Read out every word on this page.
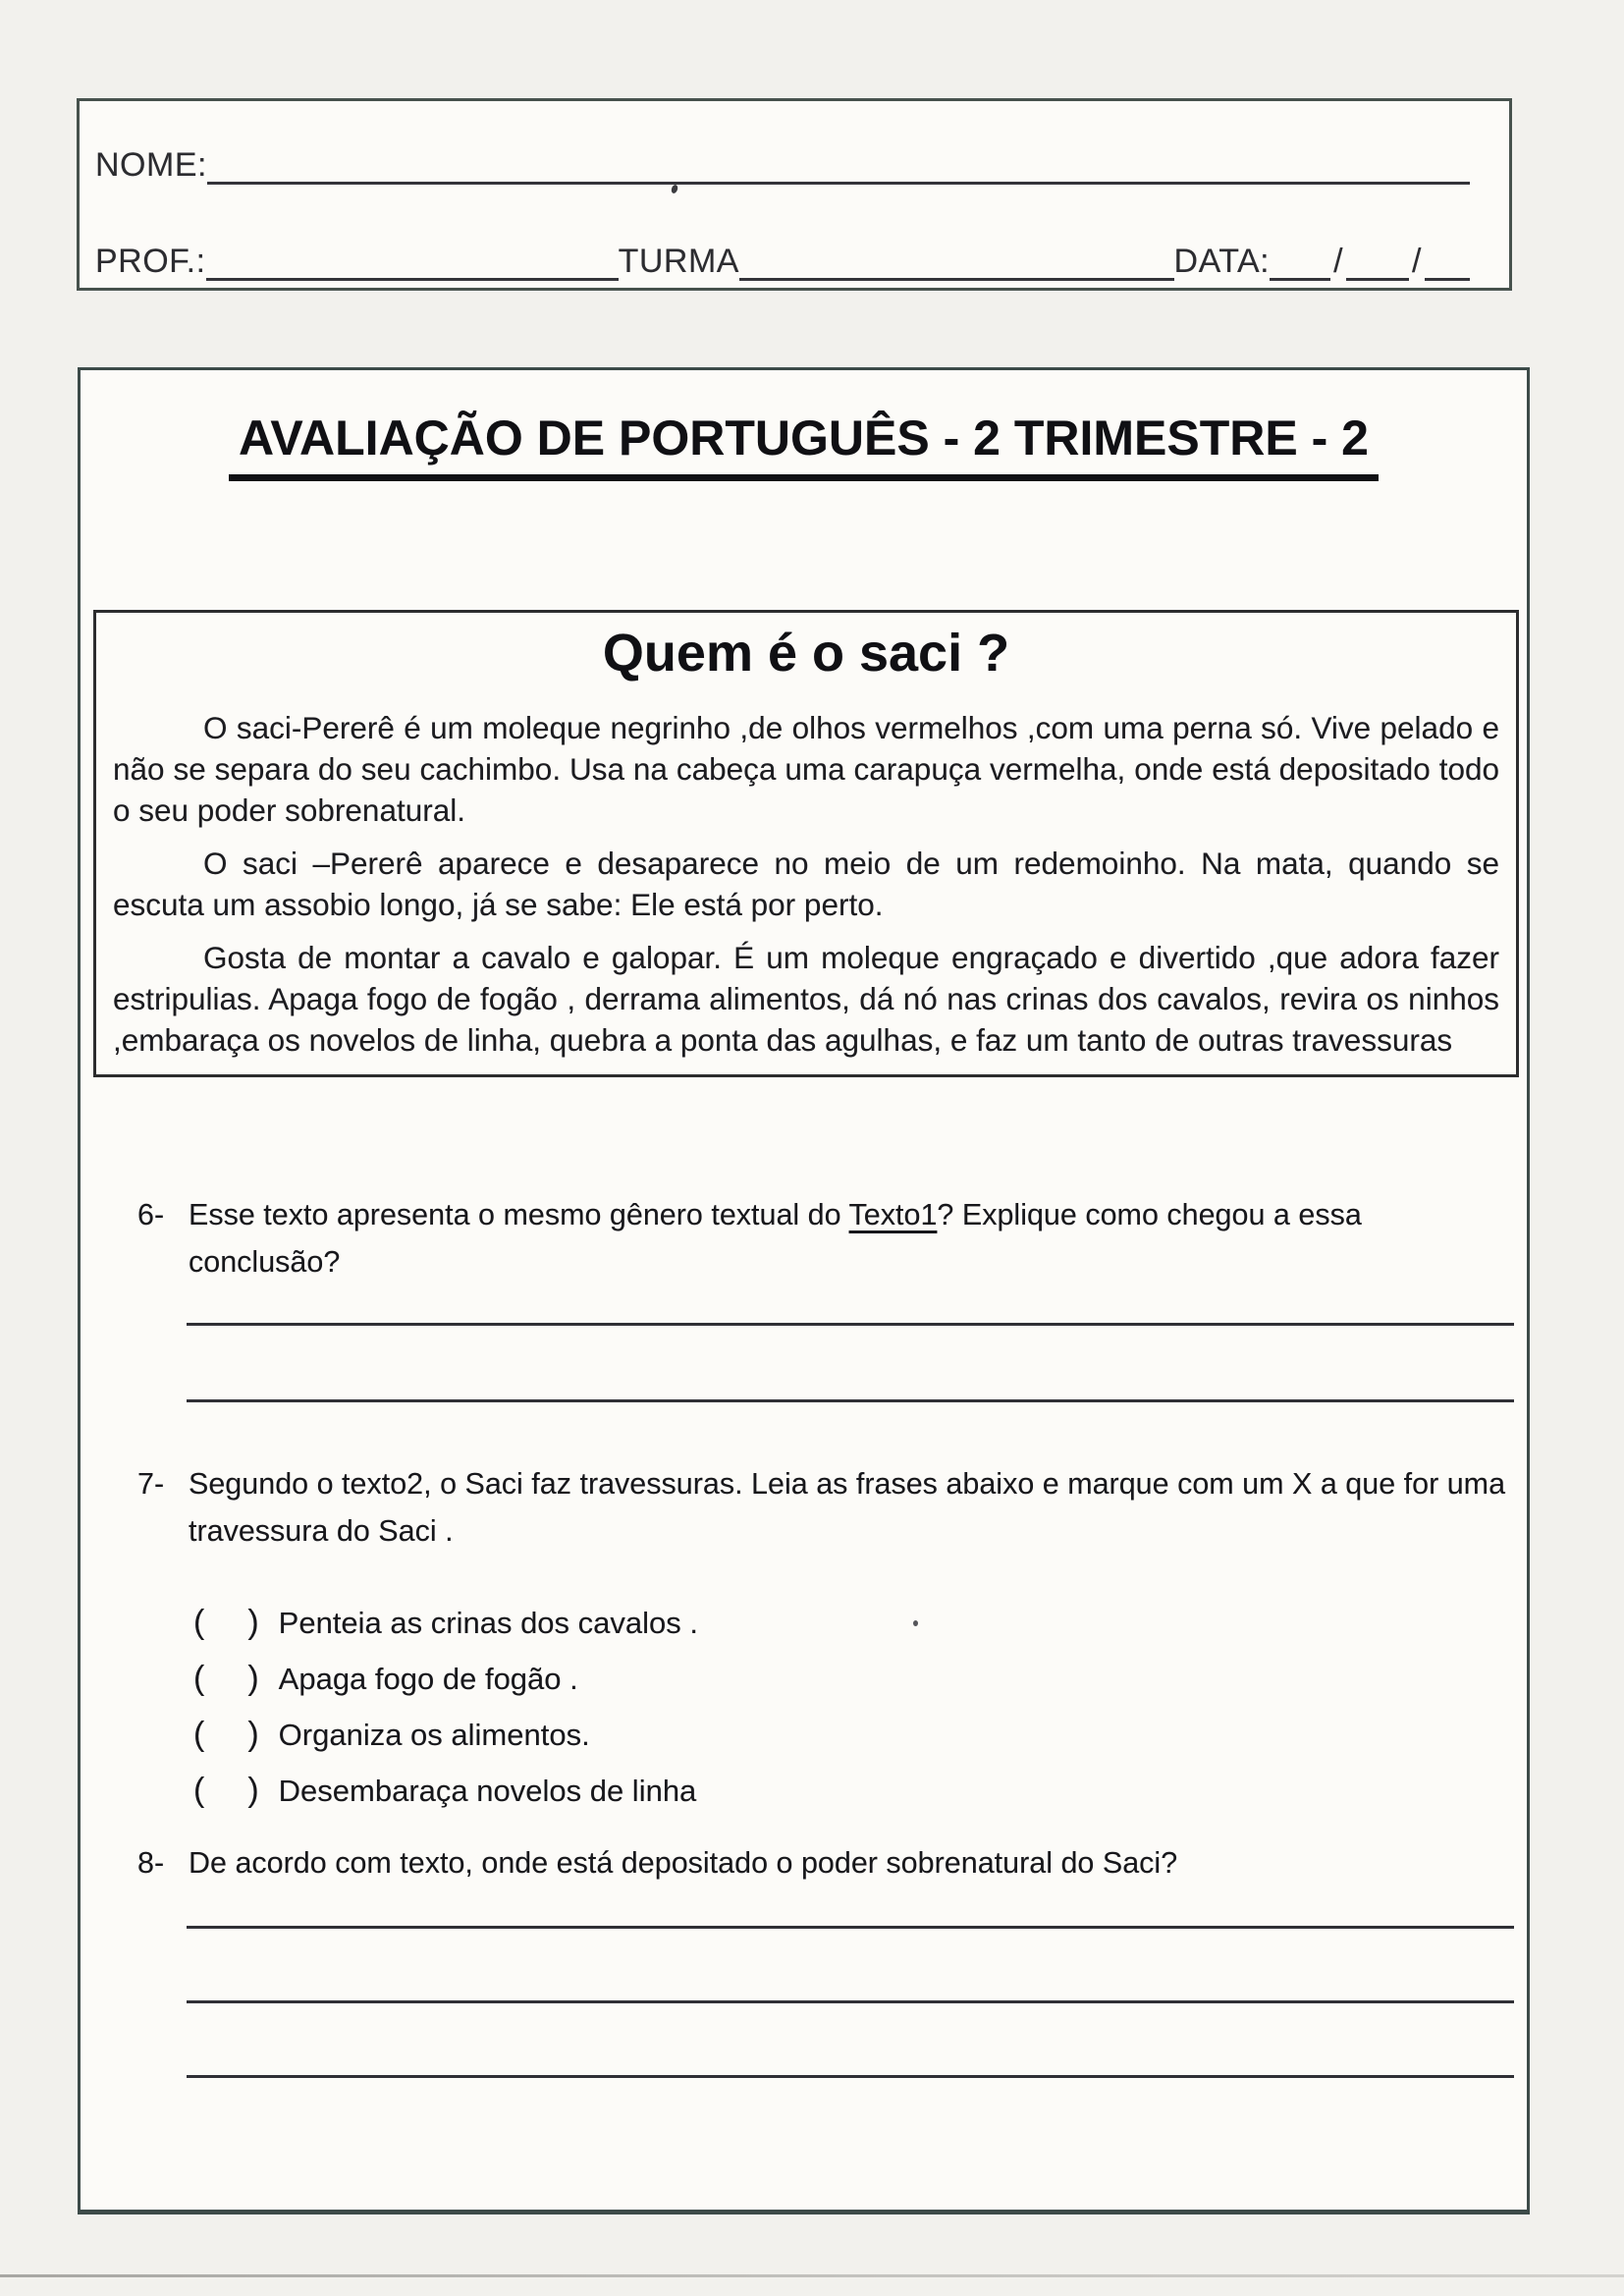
NOME:
PROF.:	TURMA	DATA: / /
AVALIAÇÃO DE PORTUGUÊS - 2 TRIMESTRE - 2
Quem é o saci ?

O saci-Pererê é um moleque negrinho ,de olhos vermelhos ,com uma perna só. Vive pelado e não se separa do seu cachimbo. Usa na cabeça uma carapuça vermelha, onde está depositado todo o seu poder sobrenatural.

O saci –Pererê aparece e desaparece no meio de um redemoinho. Na mata, quando se escuta um assobio longo, já se sabe: Ele está por perto.

Gosta de montar a cavalo e galopar. É um moleque engraçado e divertido ,que adora fazer estripulias. Apaga fogo de fogão , derrama alimentos, dá nó nas crinas dos cavalos, revira os ninhos ,embaraça os novelos de linha, quebra a ponta das agulhas, e faz um tanto de outras travessuras

6- Esse texto apresenta o mesmo gênero textual do Texto1? Explique como chegou a essa conclusão?
7- Segundo o texto2, o Saci faz travessuras. Leia as frases abaixo e marque com um X a que for uma travessura do Saci .
( ) Penteia as crinas dos cavalos .
( ) Apaga fogo de fogão .
( ) Organiza os alimentos.
( ) Desembaraça novelos de linha
8- De acordo com texto, onde está depositado o poder sobrenatural do Saci?
